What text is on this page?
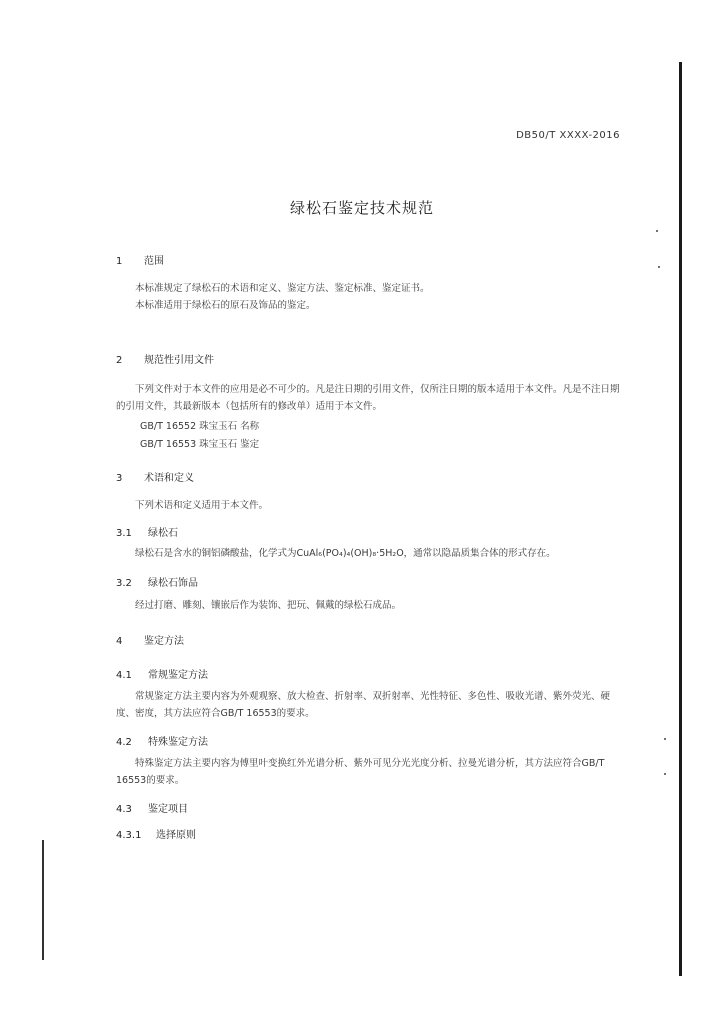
DB50/T XXXX-2016
绿松石鉴定技术规范
1 范围
本标准规定了绿松石的术语和定义、鉴定方法、鉴定标准、鉴定证书。
本标准适用于绿松石的原石及饰品的鉴定。
2 规范性引用文件
下列文件对于本文件的应用是必不可少的。凡是注日期的引用文件，仅所注日期的版本适用于本文件。凡是不注日期的引用文件，其最新版本（包括所有的修改单）适用于本文件。
GB/T 16552 珠宝玉石 名称
GB/T 16553 珠宝玉石 鉴定
3 术语和定义
下列术语和定义适用于本文件。
3.1 绿松石
绿松石是含水的铜铝磷酸盐，化学式为CuAl₆(PO₄)₄(OH)₈·5H₂O，通常以隐晶质集合体的形式存在。
3.2 绿松石饰品
经过打磨、雕刻、镶嵌后作为装饰、把玩、佩戴的绿松石成品。
4 鉴定方法
4.1 常规鉴定方法
常规鉴定方法主要内容为外观观察、放大检查、折射率、双折射率、光性特征、多色性、吸收光谱、紫外荧光、硬度、密度，其方法应符合GB/T 16553的要求。
4.2 特殊鉴定方法
特殊鉴定方法主要内容为傅里叶变换红外光谱分析、紫外可见分光光度分析、拉曼光谱分析，其方法应符合GB/T 16553的要求。
4.3 鉴定项目
4.3.1 选择原则
